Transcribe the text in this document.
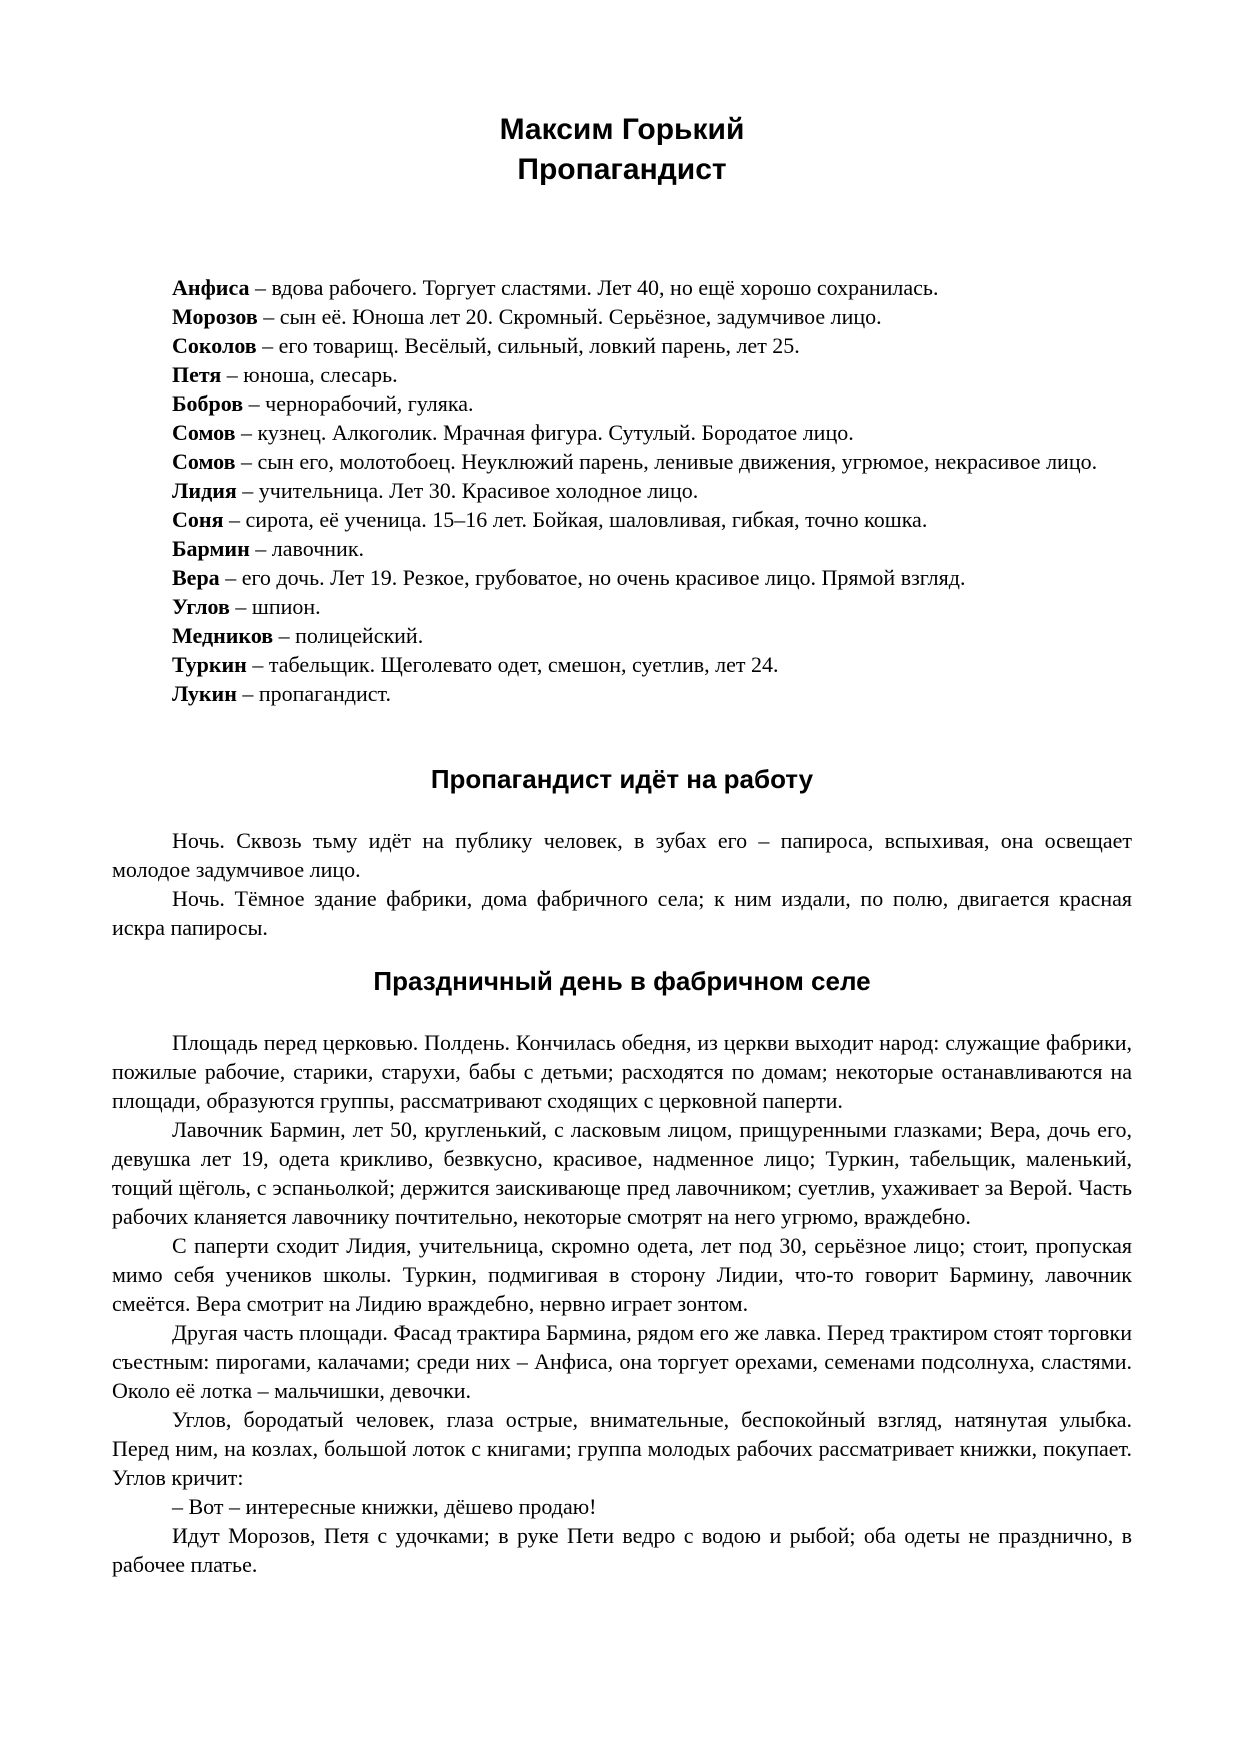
Максим Горький
Пропагандист

Анфиса – вдова рабочего. Торгует сластями. Лет 40, но ещё хорошо сохранилась.

Морозов – сын её. Юноша лет 20. Скромный. Серьёзное, задумчивое лицо.

Соколов – его товарищ. Весёлый, сильный, ловкий парень, лет 25.

Петя – юноша, слесарь.

Бобров – чернорабочий, гуляка.

Сомов – кузнец. Алкоголик. Мрачная фигура. Сутулый. Бородатое лицо.

Сомов – сын его, молотобоец. Неуклюжий парень, ленивые движения, угрюмое, некрасивое лицо.

Лидия – учительница. Лет 30. Красивое холодное лицо.

Соня – сирота, её ученица. 15–16 лет. Бойкая, шаловливая, гибкая, точно кошка.

Бармин – лавочник.

Вера – его дочь. Лет 19. Резкое, грубоватое, но очень красивое лицо. Прямой взгляд.

Углов – шпион.

Медников – полицейский.

Туркин – табельщик. Щеголевато одет, смешон, суетлив, лет 24.

Лукин – пропагандист.

Пропагандист идёт на работу

Ночь. Сквозь тьму идёт на публику человек, в зубах его – папироса, вспыхивая, она освещает молодое задумчивое лицо.

Ночь. Тёмное здание фабрики, дома фабричного села; к ним издали, по полю, двигается красная искра папиросы.

Праздничный день в фабричном селе

Площадь перед церковью. Полдень. Кончилась обедня, из церкви выходит народ: служащие фабрики, пожилые рабочие, старики, старухи, бабы с детьми; расходятся по домам; некоторые останавливаются на площади, образуются группы, рассматривают сходящих с церковной паперти.

Лавочник Бармин, лет 50, кругленький, с ласковым лицом, прищуренными глазками; Вера, дочь его, девушка лет 19, одета крикливо, безвкусно, красивое, надменное лицо; Туркин, табельщик, маленький, тощий щёголь, с эспаньолкой; держится заискивающе пред лавочником; суетлив, ухаживает за Верой. Часть рабочих кланяется лавочнику почтительно, некоторые смотрят на него угрюмо, враждебно.

С паперти сходит Лидия, учительница, скромно одета, лет под 30, серьёзное лицо; стоит, пропуская мимо себя учеников школы. Туркин, подмигивая в сторону Лидии, что-то говорит Бармину, лавочник смеётся. Вера смотрит на Лидию враждебно, нервно играет зонтом.

Другая часть площади. Фасад трактира Бармина, рядом его же лавка. Перед трактиром стоят торговки съестным: пирогами, калачами; среди них – Анфиса, она торгует орехами, семенами подсолнуха, сластями. Около её лотка – мальчишки, девочки.

Углов, бородатый человек, глаза острые, внимательные, беспокойный взгляд, натянутая улыбка. Перед ним, на козлах, большой лоток с книгами; группа молодых рабочих рассматривает книжки, покупает. Углов кричит:

– Вот – интересные книжки, дёшево продаю!

Идут Морозов, Петя с удочками; в руке Пети ведро с водою и рыбой; оба одеты не празднично, в рабочее платье.
